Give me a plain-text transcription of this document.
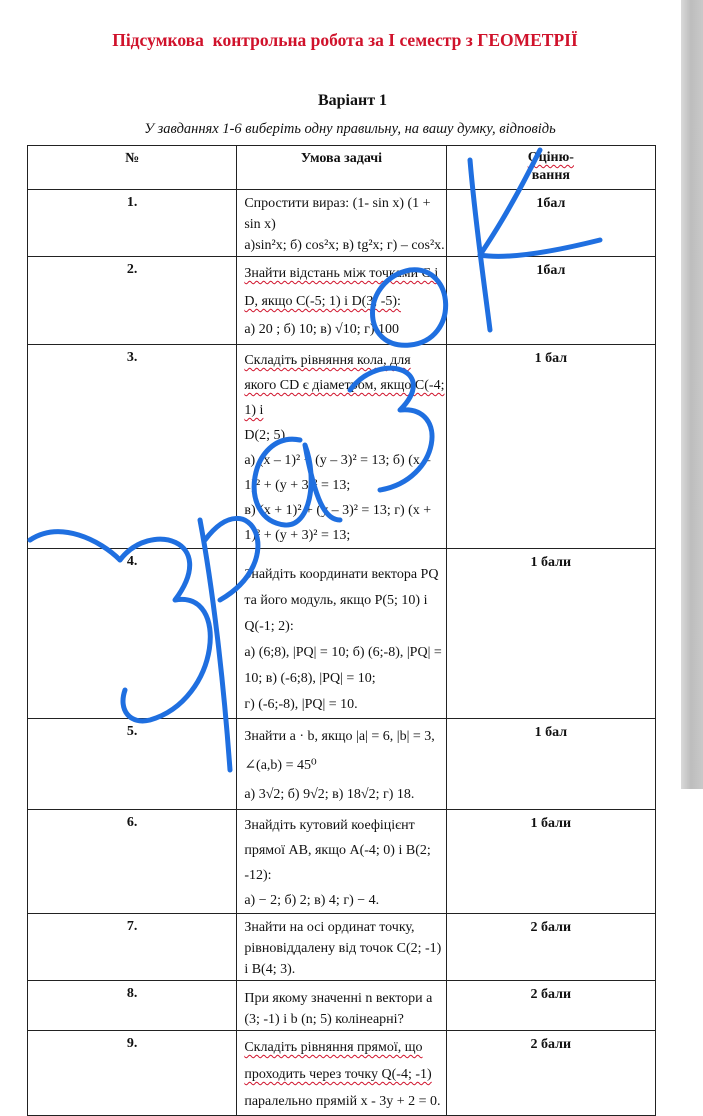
Підсумкова  контрольна робота за І семестр з ГЕОМЕТРІЇ
Варіант 1
У завданнях 1-6 виберіть одну правильну, на вашу думку, відповідь
№	Умова задачі	Оціню-
вання

1.	Спростити вираз: (1- sin x) (1 + sin x)
а)sin²x; б) cos²x; в) tg²x; г) – cos²x.	1бал
2.	Знайти відстань між точками С і D, якщо С(-5; 1) і D(3; -5):
а) 20 ; б) 10; в) √10; г) 100	1бал
3.	Складіть рівняння кола, для якого СD є діаметром, якщо С(-4; 1) і
D(2; 5).
а) (x – 1)² + (y – 3)² = 13; б) (x – 1)² + (y + 3)² = 13;
в) (x + 1)² + (y – 3)² = 13; г) (x + 1)² + (y + 3)² = 13;	1 бал
4.	Знайдіть координати вектора PQ та його модуль, якщо P(5; 10) і Q(-1; 2):
а) (6;8), |PQ| = 10; б) (6;-8), |PQ| = 10; в) (-6;8), |PQ| = 10;
г) (-6;-8), |PQ| = 10.	1 бали
5.	Знайти a · b, якщо |a| = 6, |b| = 3, ∠(a,b) = 45⁰
а) 3√2; б) 9√2; в) 18√2; г) 18.	1 бал
6.	Знайдіть кутовий коефіцієнт прямої АВ, якщо А(-4; 0) і В(2; -12):
а) − 2; б) 2; в) 4; г) − 4.	1 бали
7.	Знайти на осі ординат точку, рівновіддалену від точок С(2; -1) і В(4; 3).	2 бали
8.	При якому значенні n вектори a (3; -1) і b (n; 5) колінеарні?	2 бали
9.	Складіть рівняння прямої, що проходить через точку Q(-4; -1)
паралельно прямій x - 3y + 2 = 0.	2 бали
